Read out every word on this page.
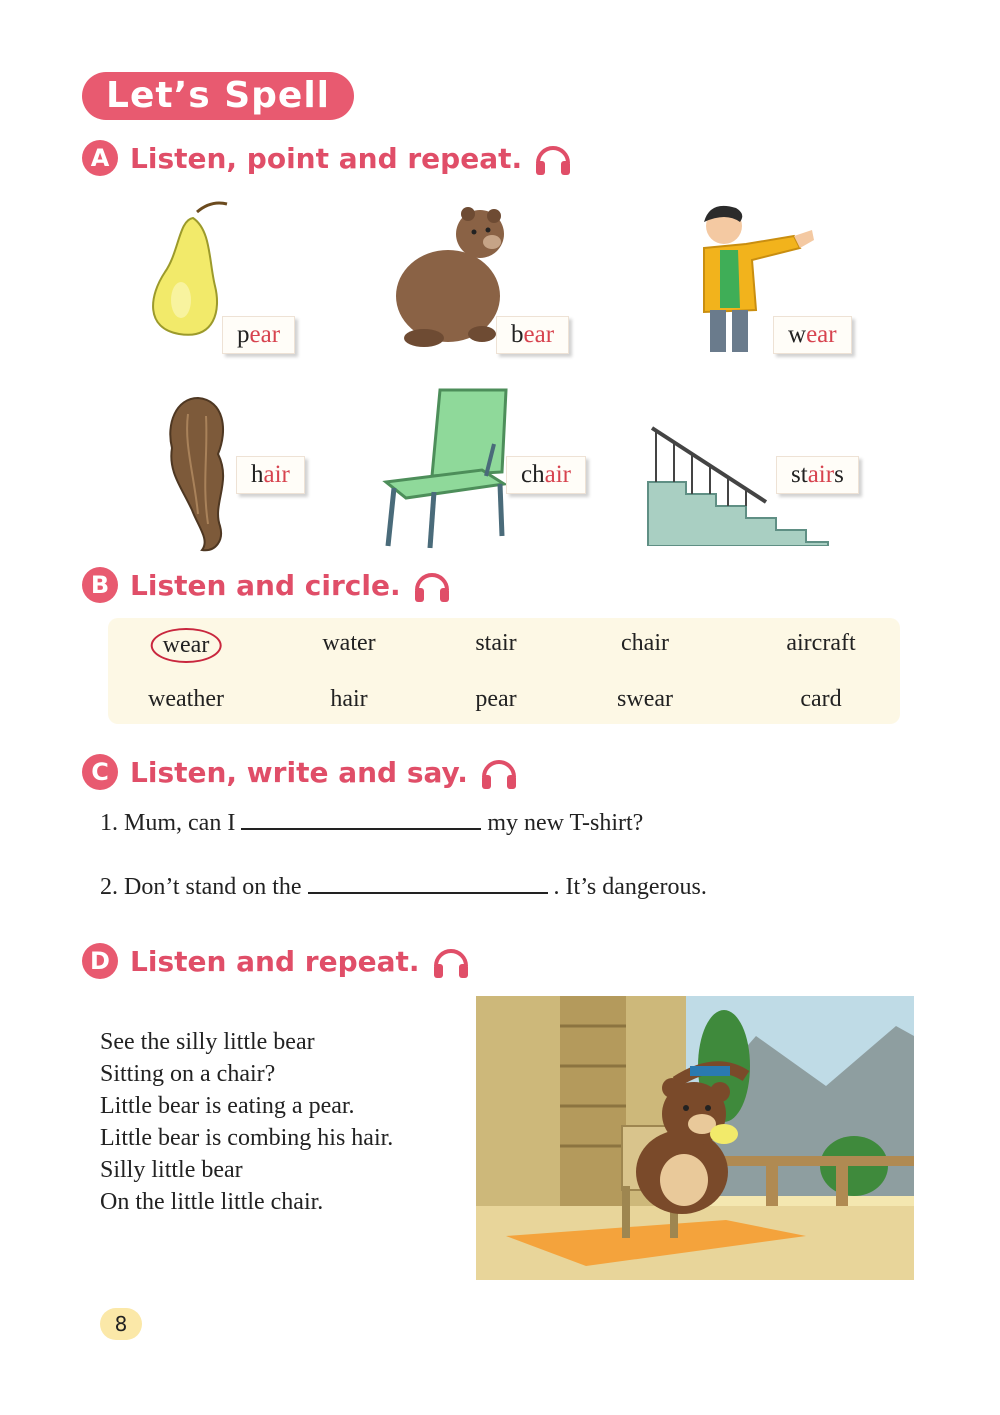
Let’s Spell
A Listen, point and repeat.
pear	bear	wear
hair	chair	stairs
B Listen and circle.
wear	water	stair	chair	aircraft
weather	hair	pear	swear	card
C Listen, write and say.
1. Mum, can I	my new T-shirt?
2. Don’t stand on the	. It’s dangerous.
D Listen and repeat.
See the silly little bear
Sitting on a chair?
Little bear is eating a pear.
Little bear is combing his hair.
Silly little bear
On the little little chair.
8
